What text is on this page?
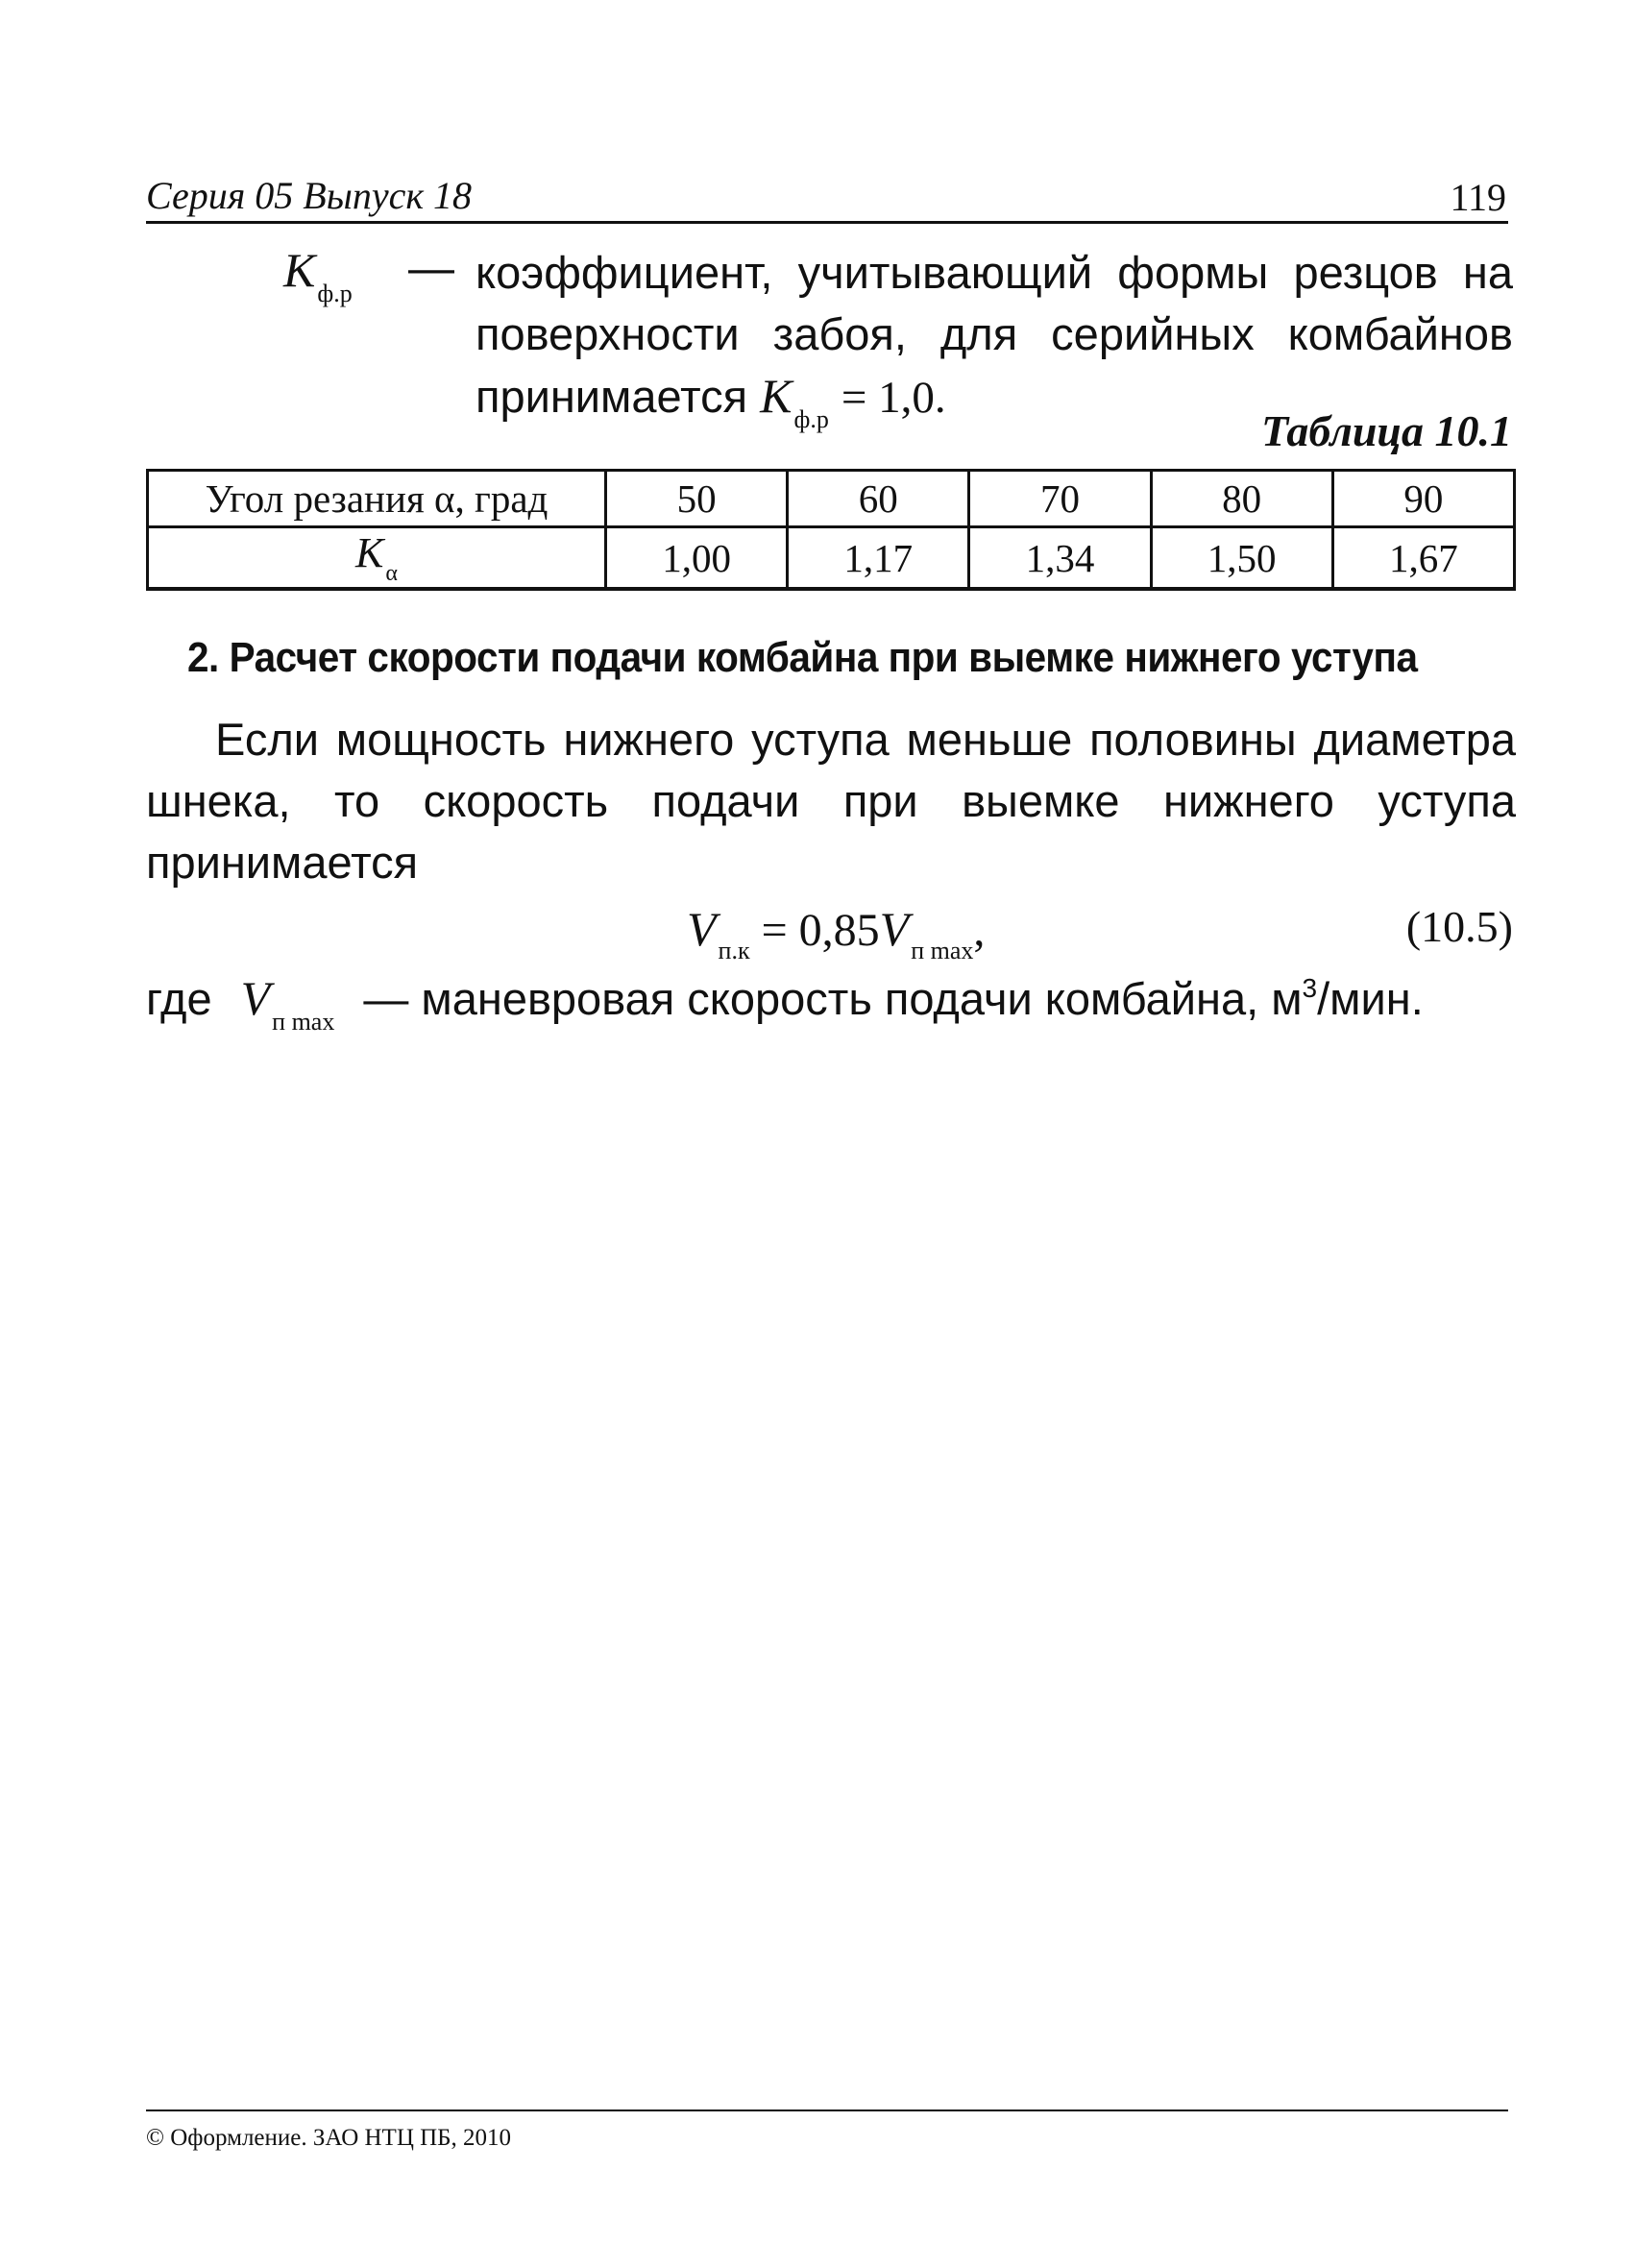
Серия 05 Выпуск 18	119
$K_{ф.р}$ — коэффициент, учитывающий формы резцов на поверхности забоя, для серийных комбайнов принимается $K_{ф.р} = 1,0$.
Таблица 10.1
Угол резания α, град	50	60	70	80	90
$K_\alpha$	1,00	1,17	1,34	1,50	1,67
2. Расчет скорости подачи комбайна при выемке нижнего уступа
Если мощность нижнего уступа меньше половины диаметра шнека, то скорость подачи при выемке нижнего уступа принимается
$V_{п.к} = 0,85V_{п max}$,	(10.5)
где $V_{п max}$ — маневровая скорость подачи комбайна, $м^3$/мин.
© Оформление. ЗАО НТЦ ПБ, 2010
